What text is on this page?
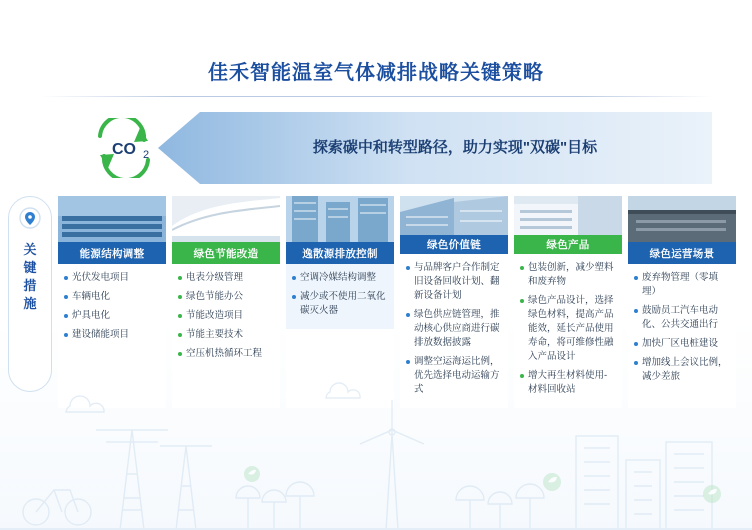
佳禾智能温室气体减排战略关键策略
探索碳中和转型路径，助力实现"双碳"目标
CO 2
关
键
措
施
能源结构调整
光伏发电项目
车辆电化
炉具电化
建设储能项目
绿色节能改造
电表分级管理
绿色节能办公
节能改造项目
节能主要技术
空压机热循环工程
逸散源排放控制
空调冷媒结构调整
减少或不使用二氧化碳灭火器
绿色价值链
与品牌客户合作制定旧设备回收计划、翻新设备计划
绿色供应链管理，推动核心供应商进行碳排放数据披露
调整空运海运比例，优先选择电动运输方式
绿色产品
包装创新，减少塑料和废弃物
绿色产品设计，选择绿色材料，提高产品能效，延长产品使用寿命，将可维修性融入产品设计
增大再生材料使用-材料回收站
绿色运营场景
废弃物管理（零填埋）
鼓励员工汽车电动化、公共交通出行
加快厂区电桩建设
增加线上会议比例，减少差旅
